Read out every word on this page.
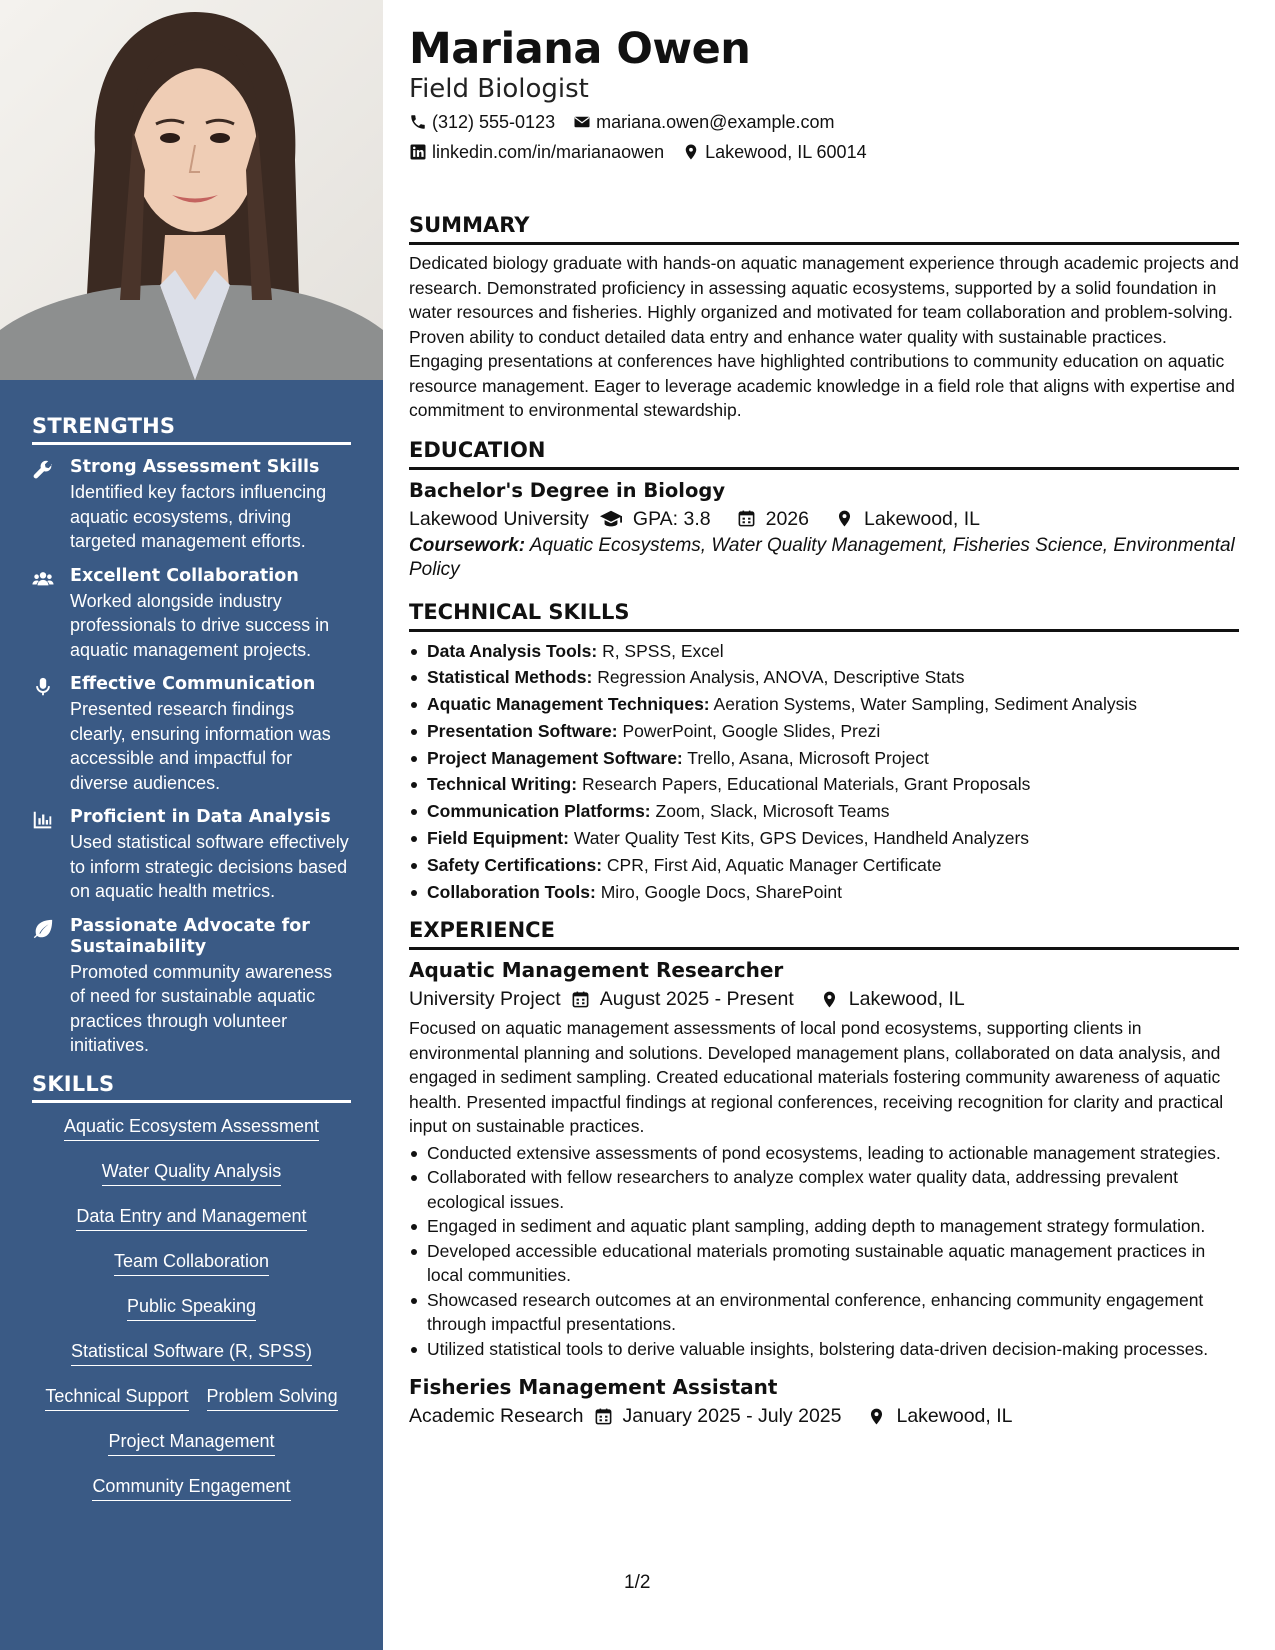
STRENGTHS
Strong Assessment Skills
Identified key factors influencing aquatic ecosystems, driving targeted management efforts.
Excellent Collaboration
Worked alongside industry professionals to drive success in aquatic management projects.
Effective Communication
Presented research findings clearly, ensuring information was accessible and impactful for diverse audiences.
Proficient in Data Analysis
Used statistical software effectively to inform strategic decisions based on aquatic health metrics.
Passionate Advocate for Sustainability
Promoted community awareness of need for sustainable aquatic practices through volunteer initiatives.
SKILLS
Aquatic Ecosystem Assessment
Water Quality Analysis
Data Entry and Management
Team Collaboration
Public Speaking
Statistical Software (R, SPSS)
Technical Support Problem Solving
Project Management
Community Engagement
Mariana Owen
Field Biologist
(312) 555-0123 mariana.owen@example.com
linkedin.com/in/marianaowen Lakewood, IL 60014
SUMMARY
Dedicated biology graduate with hands-on aquatic management experience through academic projects and research. Demonstrated proficiency in assessing aquatic ecosystems, supported by a solid foundation in water resources and fisheries. Highly organized and motivated for team collaboration and problem-solving. Proven ability to conduct detailed data entry and enhance water quality with sustainable practices. Engaging presentations at conferences have highlighted contributions to community education on aquatic resource management. Eager to leverage academic knowledge in a field role that aligns with expertise and commitment to environmental stewardship.
EDUCATION
Bachelor's Degree in Biology
Lakewood University GPA: 3.8	2026	Lakewood, IL
Coursework: Aquatic Ecosystems, Water Quality Management, Fisheries Science, Environmental Policy
TECHNICAL SKILLS
Data Analysis Tools: R, SPSS, Excel
Statistical Methods: Regression Analysis, ANOVA, Descriptive Stats
Aquatic Management Techniques: Aeration Systems, Water Sampling, Sediment Analysis
Presentation Software: PowerPoint, Google Slides, Prezi
Project Management Software: Trello, Asana, Microsoft Project
Technical Writing: Research Papers, Educational Materials, Grant Proposals
Communication Platforms: Zoom, Slack, Microsoft Teams
Field Equipment: Water Quality Test Kits, GPS Devices, Handheld Analyzers
Safety Certifications: CPR, First Aid, Aquatic Manager Certificate
Collaboration Tools: Miro, Google Docs, SharePoint
EXPERIENCE
Aquatic Management Researcher
University Project August 2025 - Present	Lakewood, IL
Focused on aquatic management assessments of local pond ecosystems, supporting clients in environmental planning and solutions. Developed management plans, collaborated on data analysis, and engaged in sediment sampling. Created educational materials fostering community awareness of aquatic health. Presented impactful findings at regional conferences, receiving recognition for clarity and practical input on sustainable practices.
Conducted extensive assessments of pond ecosystems, leading to actionable management strategies.
Collaborated with fellow researchers to analyze complex water quality data, addressing prevalent ecological issues.
Engaged in sediment and aquatic plant sampling, adding depth to management strategy formulation.
Developed accessible educational materials promoting sustainable aquatic management practices in local communities.
Showcased research outcomes at an environmental conference, enhancing community engagement through impactful presentations.
Utilized statistical tools to derive valuable insights, bolstering data-driven decision-making processes.
Fisheries Management Assistant
Academic Research January 2025 - July 2025	Lakewood, IL
1/2
